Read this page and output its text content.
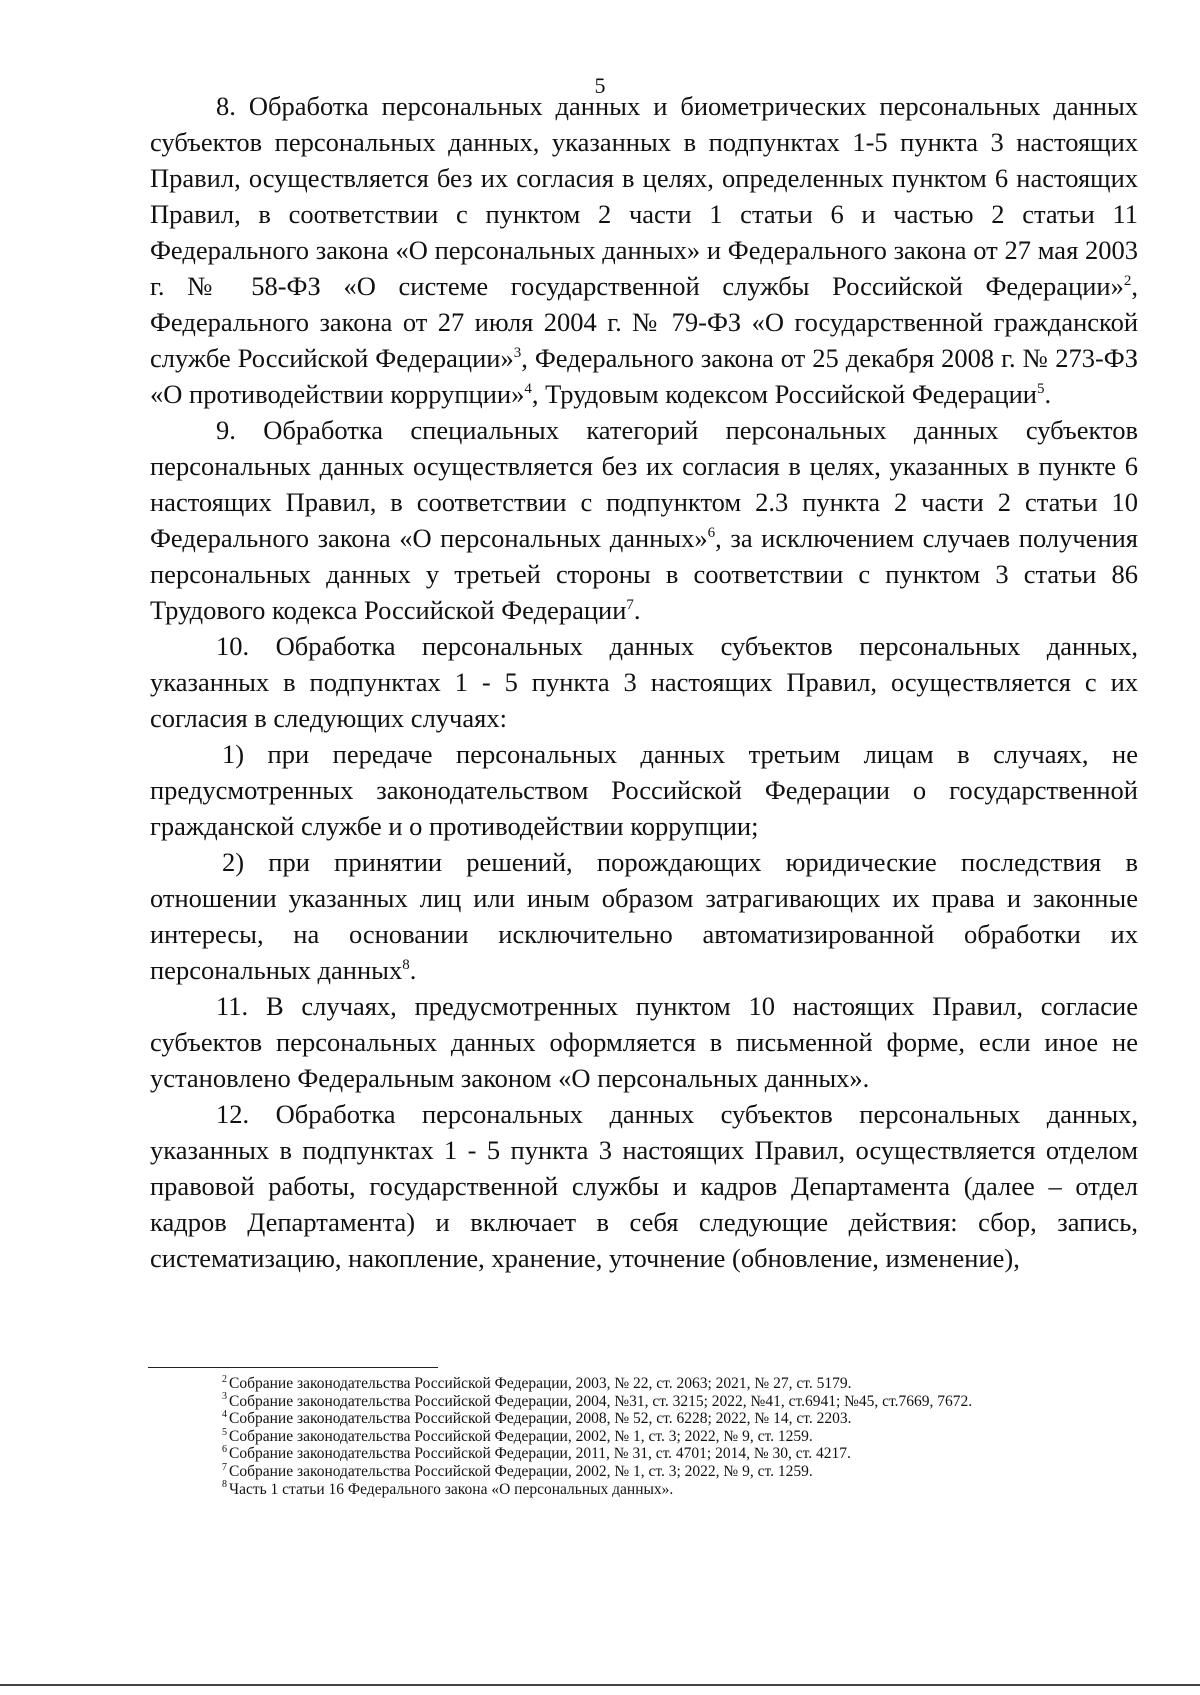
5

8. Обработка персональных данных и биометрических персональных данных субъектов персональных данных, указанных в подпунктах 1-5 пункта 3 настоящих Правил, осуществляется без их согласия в целях, определенных пунктом 6 настоящих Правил, в соответствии с пунктом 2 части 1 статьи 6 и частью 2 статьи 11 Федерального закона «О персональных данных» и Федерального закона от 27 мая 2003 г. № 58-ФЗ «О системе государственной службы Российской Федерации»$^2$, Федерального закона от 27 июля 2004 г. № 79-ФЗ «О государственной гражданской службе Российской Федерации»$^3$, Федерального закона от 25 декабря 2008 г. № 273-ФЗ «О противодействии коррупции»$^4$, Трудовым кодексом Российской Федерации$^5$.

9. Обработка специальных категорий персональных данных субъектов персональных данных осуществляется без их согласия в целях, указанных в пункте 6 настоящих Правил, в соответствии с подпунктом 2.3 пункта 2 части 2 статьи 10 Федерального закона «О персональных данных»$^6$, за исключением случаев получения персональных данных у третьей стороны в соответствии с пунктом 3 статьи 86 Трудового кодекса Российской Федерации$^7$.

10. Обработка персональных данных субъектов персональных данных, указанных в подпунктах 1 - 5 пункта 3 настоящих Правил, осуществляется с их согласия в следующих случаях:

1) при передаче персональных данных третьим лицам в случаях, не предусмотренных законодательством Российской Федерации о государственной гражданской службе и о противодействии коррупции;

2) при принятии решений, порождающих юридические последствия в отношении указанных лиц или иным образом затрагивающих их права и законные интересы, на основании исключительно автоматизированной обработки их персональных данных$^8$.

11. В случаях, предусмотренных пунктом 10 настоящих Правил, согласие субъектов персональных данных оформляется в письменной форме, если иное не установлено Федеральным законом «О персональных данных».

12. Обработка персональных данных субъектов персональных данных, указанных в подпунктах 1 - 5 пункта 3 настоящих Правил, осуществляется отделом правовой работы, государственной службы и кадров Департамента (далее – отдел кадров Департамента) и включает в себя следующие действия: сбор, запись, систематизацию, накопление, хранение, уточнение (обновление, изменение),

$^2$ Собрание законодательства Российской Федерации, 2003, № 22, ст. 2063; 2021, № 27, ст. 5179.

$^3$ Собрание законодательства Российской Федерации, 2004, №31, ст. 3215; 2022, №41, ст.6941; №45, ст.7669, 7672.

$^4$ Собрание законодательства Российской Федерации, 2008, № 52, ст. 6228; 2022, № 14, ст. 2203.

$^5$ Собрание законодательства Российской Федерации, 2002, № 1, ст. 3; 2022, № 9, ст. 1259.

$^6$ Собрание законодательства Российской Федерации, 2011, № 31, ст. 4701; 2014, № 30, ст. 4217.

$^7$ Собрание законодательства Российской Федерации, 2002, № 1, ст. 3; 2022, № 9, ст. 1259.

$^8$ Часть 1 статьи 16 Федерального закона «О персональных данных».
